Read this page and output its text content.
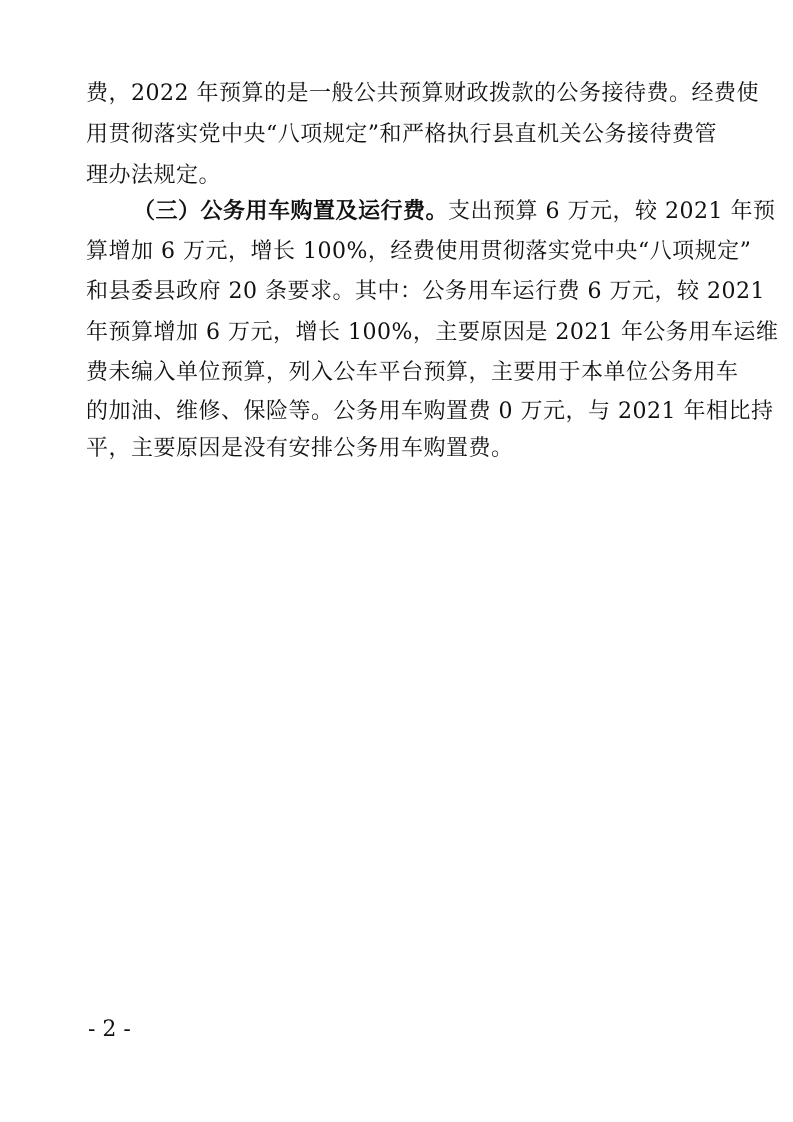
费，2022 年预算的是一般公共预算财政拨款的公务接待费。经费使
用贯彻落实党中央“八项规定”和严格执行县直机关公务接待费管
理办法规定。
（三）公务用车购置及运行费。支出预算 6 万元，较 2021 年预
算增加 6 万元，增长 100%，经费使用贯彻落实党中央“八项规定”
和县委县政府 20 条要求。其中：公务用车运行费 6 万元，较 2021
年预算增加 6 万元，增长 100%，主要原因是 2021 年公务用车运维
费未编入单位预算，列入公车平台预算，主要用于本单位公务用车
的加油、维修、保险等。公务用车购置费 0 万元，与 2021 年相比持
平，主要原因是没有安排公务用车购置费。
- 2 -
